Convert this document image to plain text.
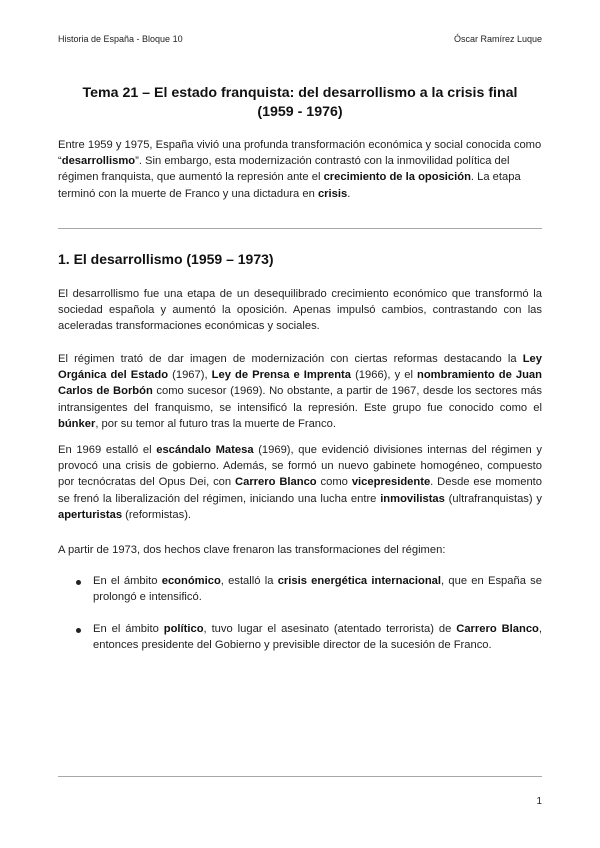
Historia de España - Bloque 10	Óscar Ramírez Luque
Tema 21 – El estado franquista: del desarrollismo a la crisis final
(1959 - 1976)

Entre 1959 y 1975, España vivió una profunda transformación económica y social conocida como “desarrollismo”. Sin embargo, esta modernización contrastó con la inmovilidad política del régimen franquista, que aumentó la represión ante el crecimiento de la oposición. La etapa terminó con la muerte de Franco y una dictadura en crisis.

1. El desarrollismo (1959 – 1973)

El desarrollismo fue una etapa de un desequilibrado crecimiento económico que transformó la sociedad española y aumentó la oposición. Apenas impulsó cambios, contrastando con las aceleradas transformaciones económicas y sociales.

El régimen trató de dar imagen de modernización con ciertas reformas destacando la Ley Orgánica del Estado (1967), Ley de Prensa e Imprenta (1966), y el nombramiento de Juan Carlos de Borbón como sucesor (1969). No obstante, a partir de 1967, desde los sectores más intransigentes del franquismo, se intensificó la represión. Este grupo fue conocido como el búnker, por su temor al futuro tras la muerte de Franco.

En 1969 estalló el escándalo Matesa (1969), que evidenció divisiones internas del régimen y provocó una crisis de gobierno. Además, se formó un nuevo gabinete homogéneo, compuesto por tecnócratas del Opus Dei, con Carrero Blanco como vicepresidente. Desde ese momento se frenó la liberalización del régimen, iniciando una lucha entre inmovilistas (ultrafranquistas) y aperturistas (reformistas).

A partir de 1973, dos hechos clave frenaron las transformaciones del régimen:

En el ámbito económico, estalló la crisis energética internacional, que en España se prolongó e intensificó.

En el ámbito político, tuvo lugar el asesinato (atentado terrorista) de Carrero Blanco, entonces presidente del Gobierno y previsible director de la sucesión de Franco.

1
